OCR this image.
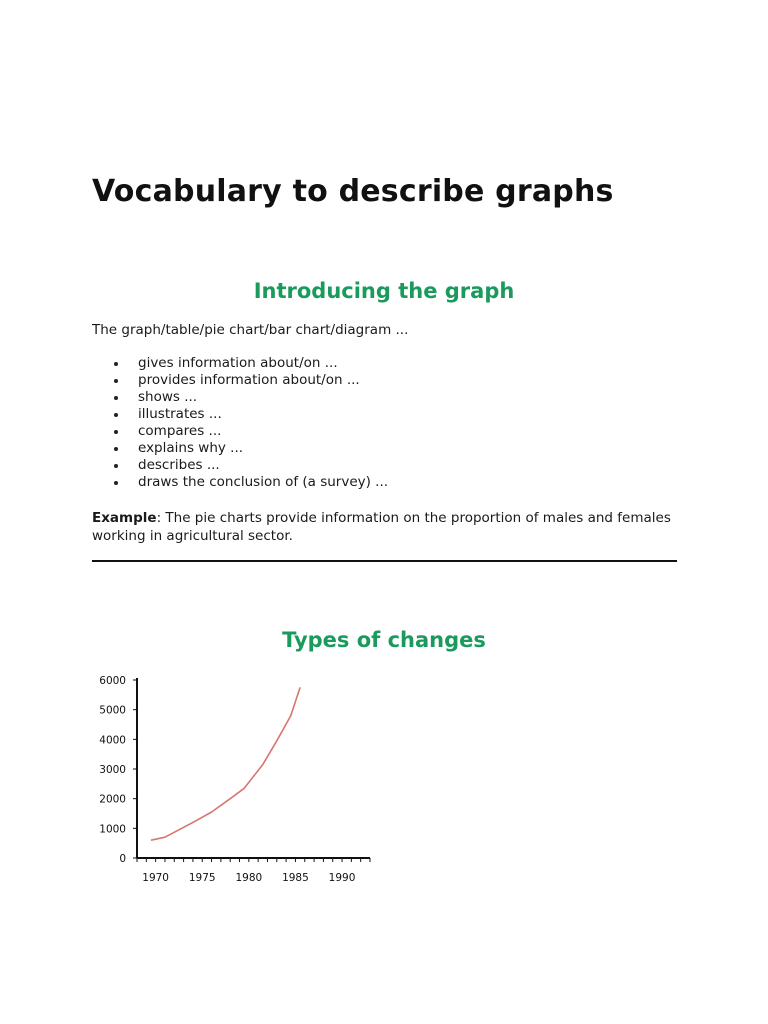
Vocabulary to describe graphs
Introducing the graph

The graph/table/pie chart/bar chart/diagram ...

gives information about/on ...
provides information about/on ...
shows ...
illustrates ...
compares ...
explains why ...
describes ...
draws the conclusion of (a survey) ...

Example: The pie charts provide information on the proportion of males and females working in agricultural sector.

Types of changes
0
1000
2000
3000
4000
5000
6000
1970 1975 1980 1985 1990
